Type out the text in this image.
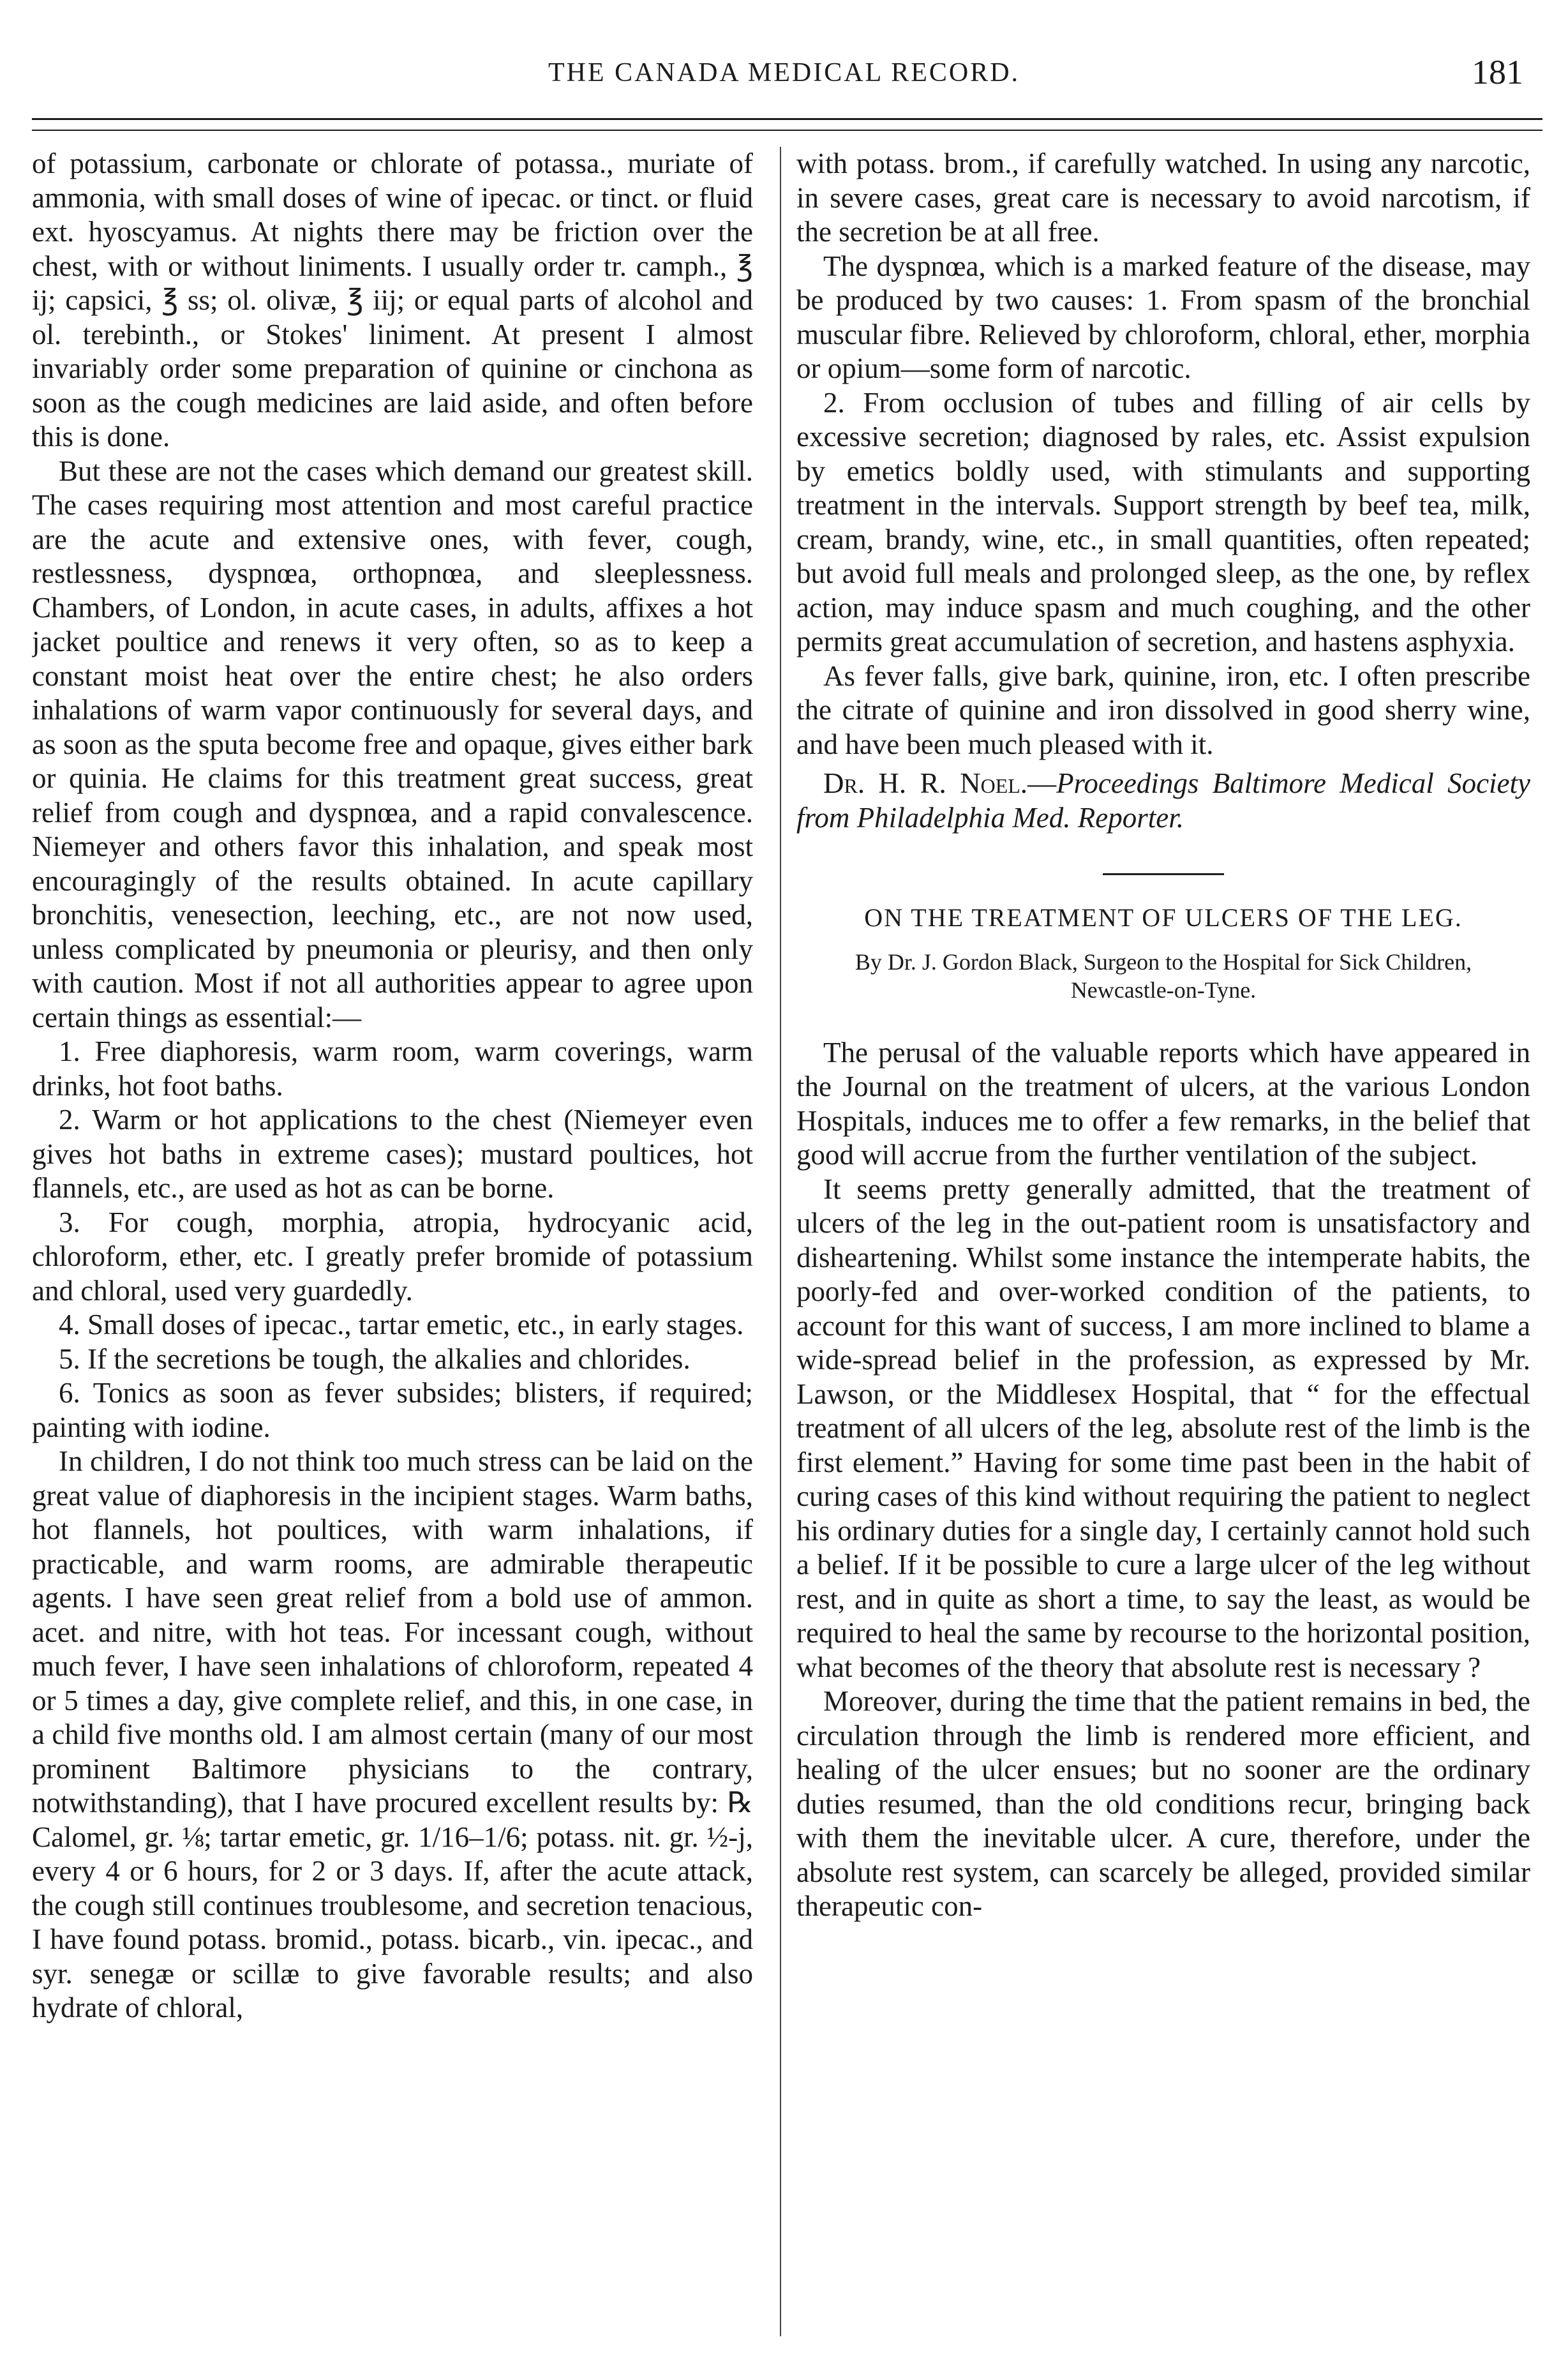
THE CANADA MEDICAL RECORD.	181

of potassium, carbonate or chlorate of potassa., muriate of ammonia, with small doses of wine of ipecac. or tinct. or fluid ext. hyoscyamus. At nights there may be friction over the chest, with or without liniments. I usually order tr. camph., ℥ ij; capsici, ℥ ss; ol. olivæ, ℥ iij; or equal parts of alcohol and ol. terebinth., or Stokes' liniment. At present I almost invariably order some preparation of quinine or cinchona as soon as the cough medicines are laid aside, and often before this is done.

But these are not the cases which demand our greatest skill. The cases requiring most attention and most careful practice are the acute and extensive ones, with fever, cough, restlessness, dyspnœa, orthopnœa, and sleeplessness. Chambers, of London, in acute cases, in adults, affixes a hot jacket poultice and renews it very often, so as to keep a constant moist heat over the entire chest; he also orders inhalations of warm vapor continuously for several days, and as soon as the sputa become free and opaque, gives either bark or quinia. He claims for this treatment great success, great relief from cough and dyspnœa, and a rapid convalescence. Niemeyer and others favor this inhalation, and speak most encouragingly of the results obtained. In acute capillary bronchitis, venesection, leeching, etc., are not now used, unless complicated by pneumonia or pleurisy, and then only with caution. Most if not all authorities appear to agree upon certain things as essential:—

1. Free diaphoresis, warm room, warm coverings, warm drinks, hot foot baths.

2. Warm or hot applications to the chest (Niemeyer even gives hot baths in extreme cases); mustard poultices, hot flannels, etc., are used as hot as can be borne.

3. For cough, morphia, atropia, hydrocyanic acid, chloroform, ether, etc. I greatly prefer bromide of potassium and chloral, used very guardedly.

4. Small doses of ipecac., tartar emetic, etc., in early stages.

5. If the secretions be tough, the alkalies and chlorides.

6. Tonics as soon as fever subsides; blisters, if required; painting with iodine.

In children, I do not think too much stress can be laid on the great value of diaphoresis in the incipient stages. Warm baths, hot flannels, hot poultices, with warm inhalations, if practicable, and warm rooms, are admirable therapeutic agents. I have seen great relief from a bold use of ammon. acet. and nitre, with hot teas. For incessant cough, without much fever, I have seen inhalations of chloroform, repeated 4 or 5 times a day, give complete relief, and this, in one case, in a child five months old. I am almost certain (many of our most prominent Baltimore physicians to the contrary, notwithstanding), that I have procured excellent results by: ℞ Calomel, gr. ⅛; tartar emetic, gr. 1/16–1/6; potass. nit. gr. ½-j, every 4 or 6 hours, for 2 or 3 days. If, after the acute attack, the cough still continues troublesome, and secretion tenacious, I have found potass. bromid., potass. bicarb., vin. ipecac., and syr. senegæ or scillæ to give favorable results; and also hydrate of chloral,

with potass. brom., if carefully watched. In using any narcotic, in severe cases, great care is necessary to avoid narcotism, if the secretion be at all free.

The dyspnœa, which is a marked feature of the disease, may be produced by two causes: 1. From spasm of the bronchial muscular fibre. Relieved by chloroform, chloral, ether, morphia or opium—some form of narcotic.

2. From occlusion of tubes and filling of air cells by excessive secretion; diagnosed by rales, etc. Assist expulsion by emetics boldly used, with stimulants and supporting treatment in the intervals. Support strength by beef tea, milk, cream, brandy, wine, etc., in small quantities, often repeated; but avoid full meals and prolonged sleep, as the one, by reflex action, may induce spasm and much coughing, and the other permits great accumulation of secretion, and hastens asphyxia.

As fever falls, give bark, quinine, iron, etc. I often prescribe the citrate of quinine and iron dissolved in good sherry wine, and have been much pleased with it.

Dr. H. R. Noel.—Proceedings Baltimore Medical Society from Philadelphia Med. Reporter.

ON THE TREATMENT OF ULCERS OF THE LEG.
By Dr. J. Gordon Black, Surgeon to the Hospital for Sick Children, Newcastle-on-Tyne.

The perusal of the valuable reports which have appeared in the Journal on the treatment of ulcers, at the various London Hospitals, induces me to offer a few remarks, in the belief that good will accrue from the further ventilation of the subject.

It seems pretty generally admitted, that the treatment of ulcers of the leg in the out-patient room is unsatisfactory and disheartening. Whilst some instance the intemperate habits, the poorly-fed and over-worked condition of the patients, to account for this want of success, I am more inclined to blame a wide-spread belief in the profession, as expressed by Mr. Lawson, or the Middlesex Hospital, that “ for the effectual treatment of all ulcers of the leg, absolute rest of the limb is the first element.” Having for some time past been in the habit of curing cases of this kind without requiring the patient to neglect his ordinary duties for a single day, I certainly cannot hold such a belief. If it be possible to cure a large ulcer of the leg without rest, and in quite as short a time, to say the least, as would be required to heal the same by recourse to the horizontal position, what becomes of the theory that absolute rest is necessary ?

Moreover, during the time that the patient remains in bed, the circulation through the limb is rendered more efficient, and healing of the ulcer ensues; but no sooner are the ordinary duties resumed, than the old conditions recur, bringing back with them the inevitable ulcer. A cure, therefore, under the absolute rest system, can scarcely be alleged, provided similar therapeutic con-
